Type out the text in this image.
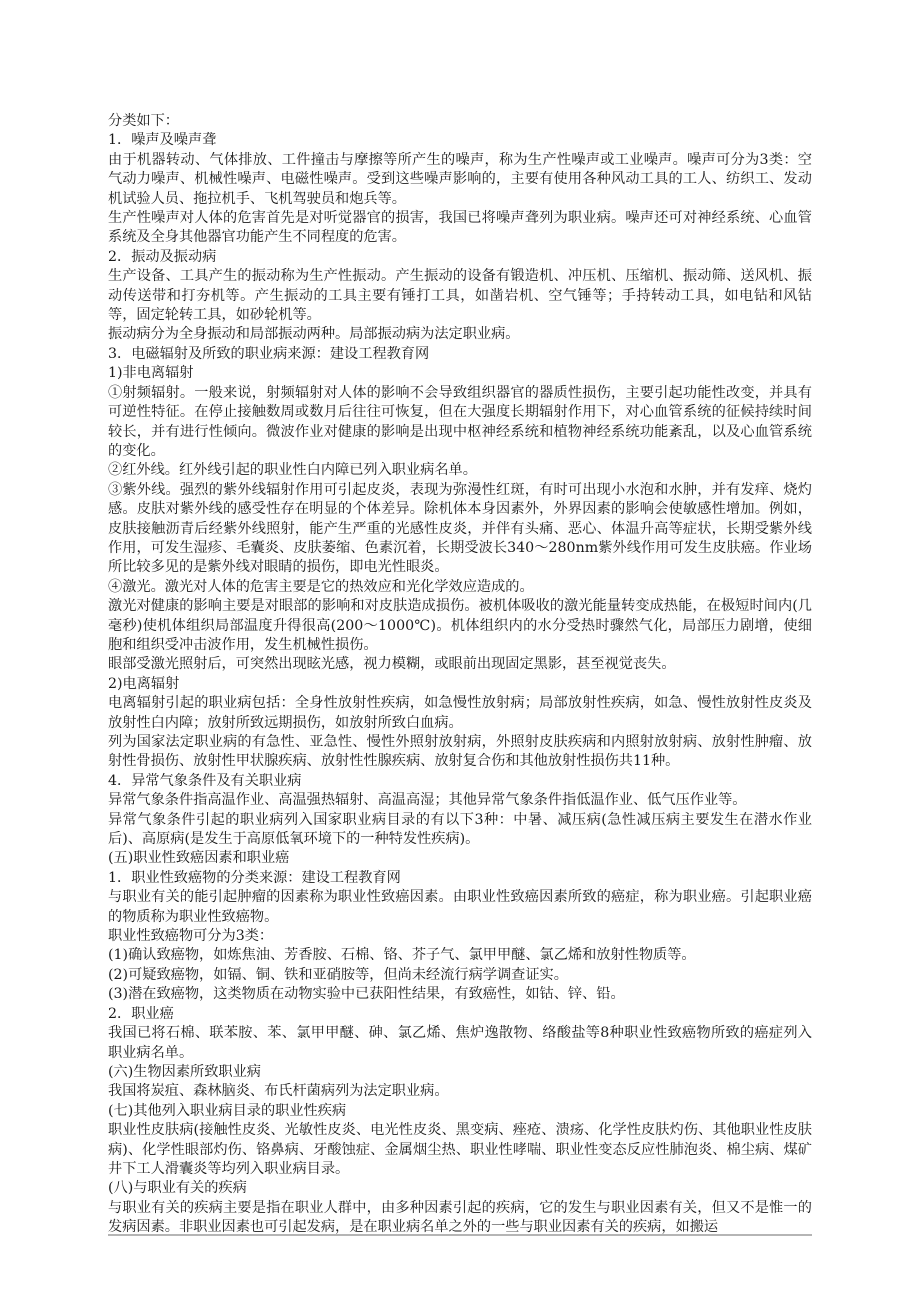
分类如下：

1．噪声及噪声聋

由于机器转动、气体排放、工件撞击与摩擦等所产生的噪声，称为生产性噪声或工业噪声。噪声可分为3类：空气动力噪声、机械性噪声、电磁性噪声。受到这些噪声影响的，主要有使用各种风动工具的工人、纺织工、发动机试验人员、拖拉机手、飞机驾驶员和炮兵等。

生产性噪声对人体的危害首先是对听觉器官的损害，我国已将噪声聋列为职业病。噪声还可对神经系统、心血管系统及全身其他器官功能产生不同程度的危害。

2．振动及振动病

生产设备、工具产生的振动称为生产性振动。产生振动的设备有锻造机、冲压机、压缩机、振动筛、送风机、振动传送带和打夯机等。产生振动的工具主要有锤打工具，如凿岩机、空气锤等；手持转动工具，如电钻和风钻等，固定轮转工具，如砂轮机等。

振动病分为全身振动和局部振动两种。局部振动病为法定职业病。

3．电磁辐射及所致的职业病来源：建设工程教育网

1)非电离辐射

①射频辐射。一般来说，射频辐射对人体的影响不会导致组织器官的器质性损伤，主要引起功能性改变，并具有可逆性特征。在停止接触数周或数月后往往可恢复，但在大强度长期辐射作用下，对心血管系统的征候持续时间较长，并有进行性倾向。微波作业对健康的影响是出现中枢神经系统和植物神经系统功能紊乱，以及心血管系统的变化。

②红外线。红外线引起的职业性白内障已列入职业病名单。

③紫外线。强烈的紫外线辐射作用可引起皮炎，表现为弥漫性红斑，有时可出现小水泡和水肿，并有发痒、烧灼感。皮肤对紫外线的感受性存在明显的个体差异。除机体本身因素外，外界因素的影响会使敏感性增加。例如，皮肤接触沥青后经紫外线照射，能产生严重的光感性皮炎，并伴有头痛、恶心、体温升高等症状，长期受紫外线作用，可发生湿疹、毛囊炎、皮肤萎缩、色素沉着，长期受波长340～280nm紫外线作用可发生皮肤癌。作业场所比较多见的是紫外线对眼睛的损伤，即电光性眼炎。

④激光。激光对人体的危害主要是它的热效应和光化学效应造成的。

激光对健康的影响主要是对眼部的影响和对皮肤造成损伤。被机体吸收的激光能量转变成热能，在极短时间内(几毫秒)使机体组织局部温度升得很高(200～1000℃)。机体组织内的水分受热时骤然气化，局部压力剧增，使细胞和组织受冲击波作用，发生机械性损伤。

眼部受激光照射后，可突然出现眩光感，视力模糊，或眼前出现固定黑影，甚至视觉丧失。

2)电离辐射

电离辐射引起的职业病包括：全身性放射性疾病，如急慢性放射病；局部放射性疾病，如急、慢性放射性皮炎及放射性白内障；放射所致远期损伤，如放射所致白血病。

列为国家法定职业病的有急性、亚急性、慢性外照射放射病，外照射皮肤疾病和内照射放射病、放射性肿瘤、放射性骨损伤、放射性甲状腺疾病、放射性性腺疾病、放射复合伤和其他放射性损伤共11种。

4．异常气象条件及有关职业病

异常气象条件指高温作业、高温强热辐射、高温高湿；其他异常气象条件指低温作业、低气压作业等。

异常气象条件引起的职业病列入国家职业病目录的有以下3种：中暑、减压病(急性减压病主要发生在潜水作业后)、高原病(是发生于高原低氧环境下的一种特发性疾病)。

(五)职业性致癌因素和职业癌

1．职业性致癌物的分类来源：建设工程教育网

与职业有关的能引起肿瘤的因素称为职业性致癌因素。由职业性致癌因素所致的癌症，称为职业癌。引起职业癌的物质称为职业性致癌物。

职业性致癌物可分为3类：

(1)确认致癌物，如炼焦油、芳香胺、石棉、铬、芥子气、氯甲甲醚、氯乙烯和放射性物质等。

(2)可疑致癌物，如镉、铜、铁和亚硝胺等，但尚未经流行病学调查证实。

(3)潜在致癌物，这类物质在动物实验中已获阳性结果，有致癌性，如钴、锌、铅。

2．职业癌

我国已将石棉、联苯胺、苯、氯甲甲醚、砷、氯乙烯、焦炉逸散物、络酸盐等8种职业性致癌物所致的癌症列入职业病名单。

(六)生物因素所致职业病

我国将炭疽、森林脑炎、布氏杆菌病列为法定职业病。

(七)其他列入职业病目录的职业性疾病

职业性皮肤病(接触性皮炎、光敏性皮炎、电光性皮炎、黑变病、痤疮、溃疡、化学性皮肤灼伤、其他职业性皮肤病)、化学性眼部灼伤、铬鼻病、牙酸蚀症、金属烟尘热、职业性哮喘、职业性变态反应性肺泡炎、棉尘病、煤矿井下工人滑囊炎等均列入职业病目录。

(八)与职业有关的疾病

与职业有关的疾病主要是指在职业人群中，由多种因素引起的疾病，它的发生与职业因素有关，但又不是惟一的发病因素。非职业因素也可引起发病，是在职业病名单之外的一些与职业因素有关的疾病，如搬运
